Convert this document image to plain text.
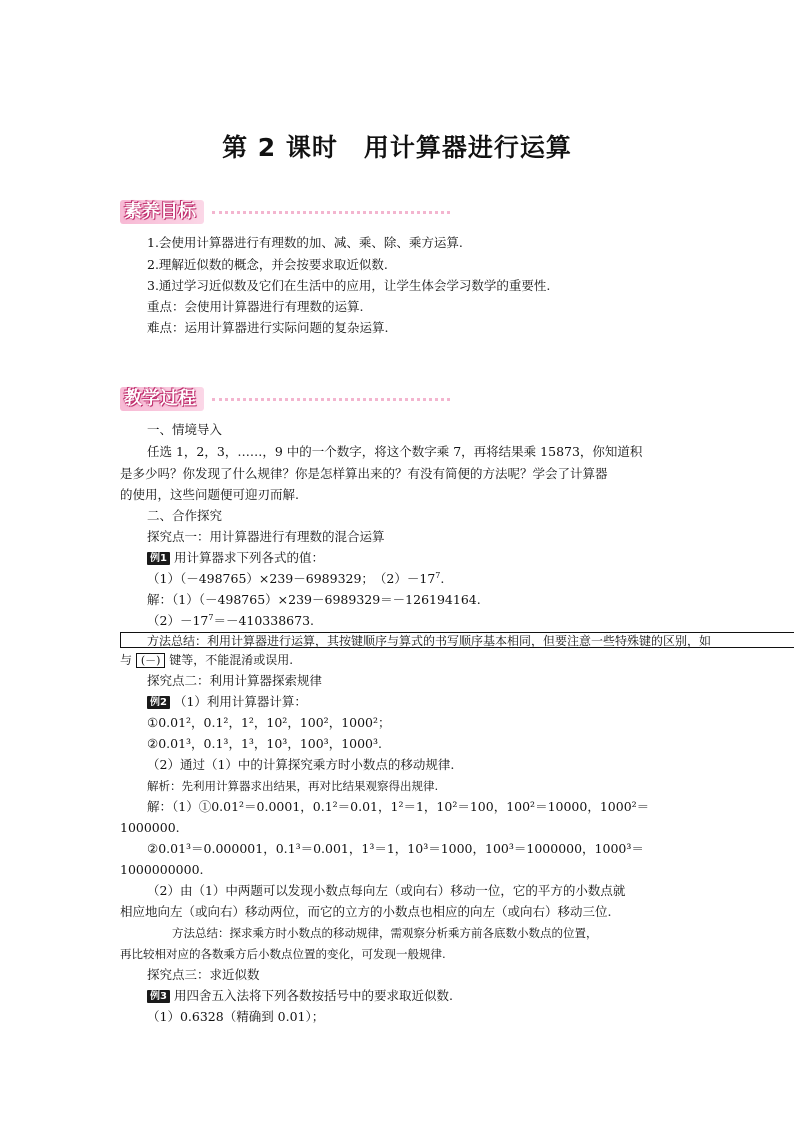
第 2 课时　用计算器进行运算
素养目标
1.会使用计算器进行有理数的加、减、乘、除、乘方运算.
2.理解近似数的概念，并会按要求取近似数.
3.通过学习近似数及它们在生活中的应用，让学生体会学习数学的重要性.
重点：会使用计算器进行有理数的运算.
难点：运用计算器进行实际问题的复杂运算.
教学过程
一、情境导入
任选 1，2，3，……，9 中的一个数字，将这个数字乘 7，再将结果乘 15873，你知道积
是多少吗？你发现了什么规律？你是怎样算出来的？有没有简便的方法呢？学会了计算器
的使用，这些问题便可迎刃而解.
二、合作探究
探究点一：用计算器进行有理数的混合运算
例1 用计算器求下列各式的值：
（1）（－498765）×239－6989329；　$(2)-17^7$.
解：（1）（－498765）×239－6989329＝－126194164.
$(2)-17^7=-410338673$.
方法总结：利用计算器进行运算，其按键顺序与算式的书写顺序基本相同，但要注意一些特殊键的区别，如
与 (－) 键等，不能混淆或误用.
探究点二：利用计算器探索规律
例2 （1）利用计算器计算：
①0.01²，0.1²，1²，10²，100²，1000²；
②0.01³，0.1³，1³，10³，100³，1000³.
（2）通过（1）中的计算探究乘方时小数点的移动规律.
解析：先利用计算器求出结果，再对比结果观察得出规律.
解：（1）①0.01²＝0.0001，0.1²＝0.01，1²＝1，10²＝100，100²＝10000，1000²＝
1000000.
②0.01³＝0.000001，0.1³＝0.001，1³＝1，10³＝1000，100³＝1000000，1000³＝
1000000000.
（2）由（1）中两题可以发现小数点每向左（或向右）移动一位，它的平方的小数点就
相应地向左（或向右）移动两位，而它的立方的小数点也相应的向左（或向右）移动三位.
方法总结：探求乘方时小数点的移动规律，需观察分析乘方前各底数小数点的位置，
再比较相对应的各数乘方后小数点位置的变化，可发现一般规律.
探究点三：求近似数
例3 用四舍五入法将下列各数按括号中的要求取近似数.
（1）0.6328（精确到 0.01）；
